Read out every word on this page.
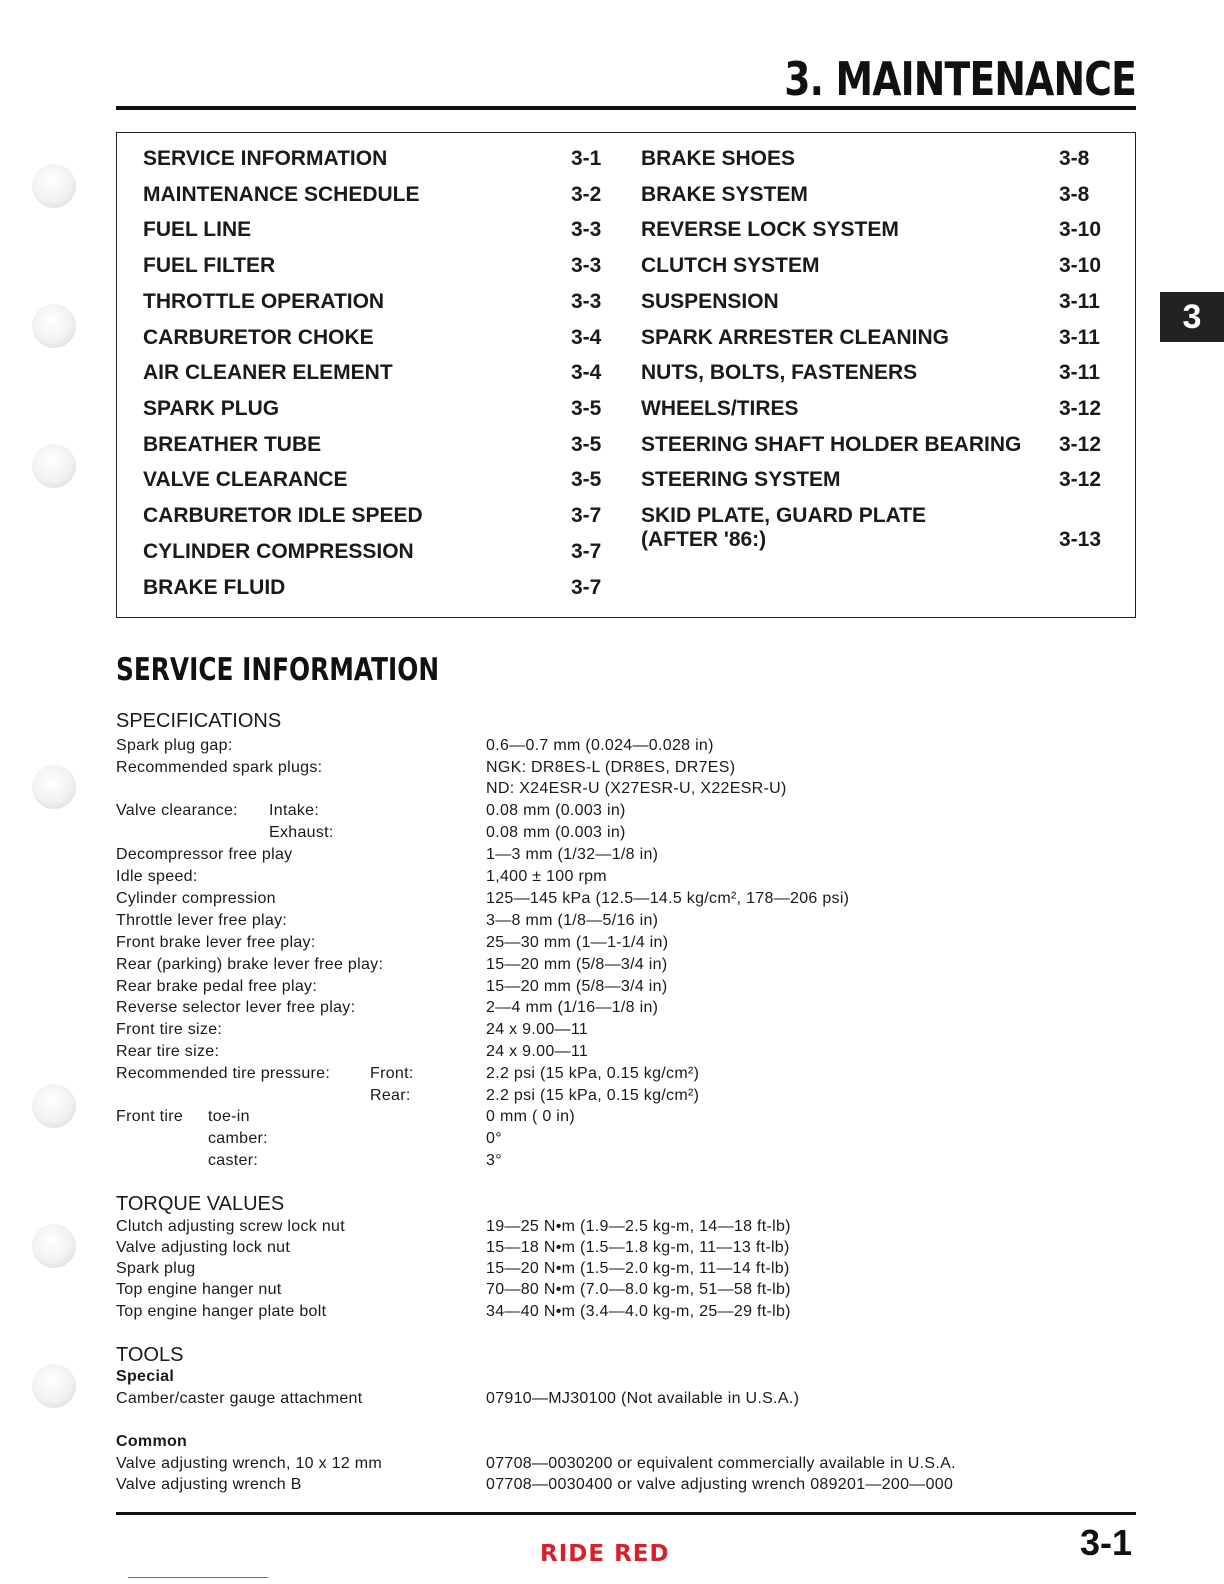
3. MAINTENANCE
3
SERVICE INFORMATION	3-1
MAINTENANCE SCHEDULE	3-2
FUEL LINE	3-3
FUEL FILTER	3-3
THROTTLE OPERATION	3-3
CARBURETOR CHOKE	3-4
AIR CLEANER ELEMENT	3-4
SPARK PLUG	3-5
BREATHER TUBE	3-5
VALVE CLEARANCE	3-5
CARBURETOR IDLE SPEED	3-7
CYLINDER COMPRESSION	3-7
BRAKE FLUID	3-7
BRAKE SHOES	3-8
BRAKE SYSTEM	3-8
REVERSE LOCK SYSTEM	3-10
CLUTCH SYSTEM	3-10
SUSPENSION	3-11
SPARK ARRESTER CLEANING	3-11
NUTS, BOLTS, FASTENERS	3-11
WHEELS/TIRES	3-12
STEERING SHAFT HOLDER BEARING 3-12
STEERING SYSTEM	3-12
SKID PLATE, GUARD PLATE
(AFTER '86:)	3-13
SERVICE INFORMATION
SPECIFICATIONS
Spark plug gap:	0.6—0.7 mm (0.024—0.028 in)
Recommended spark plugs:	NGK: DR8ES-L (DR8ES, DR7ES)
ND: X24ESR-U (X27ESR-U, X22ESR-U)
Valve clearance: Intake:	0.08 mm (0.003 in)
Exhaust:	0.08 mm (0.003 in)
Decompressor free play	1—3 mm (1/32—1/8 in)
Idle speed:	1,400 ± 100 rpm
Cylinder compression	125—145 kPa (12.5—14.5 kg/cm², 178—206 psi)
Throttle lever free play:	3—8 mm (1/8—5/16 in)
Front brake lever free play:	25—30 mm (1—1-1/4 in)
Rear (parking) brake lever free play:	15—20 mm (5/8—3/4 in)
Rear brake pedal free play:	15—20 mm (5/8—3/4 in)
Reverse selector lever free play:	2—4 mm (1/16—1/8 in)
Front tire size:	24 x 9.00—11
Rear tire size:	24 x 9.00—11
Recommended tire pressure: Front:	2.2 psi (15 kPa, 0.15 kg/cm²)
Rear:	2.2 psi (15 kPa, 0.15 kg/cm²)
Front tire toe-in	0 mm ( 0 in)
camber:	0°
caster:	3°
TORQUE VALUES
Clutch adjusting screw lock nut	19—25 N•m (1.9—2.5 kg-m, 14—18 ft-lb)
Valve adjusting lock nut	15—18 N•m (1.5—1.8 kg-m, 11—13 ft-lb)
Spark plug	15—20 N•m (1.5—2.0 kg-m, 11—14 ft-lb)
Top engine hanger nut	70—80 N•m (7.0—8.0 kg-m, 51—58 ft-lb)
Top engine hanger plate bolt	34—40 N•m (3.4—4.0 kg-m, 25—29 ft-lb)
TOOLS
Special
Camber/caster gauge attachment	07910—MJ30100 (Not available in U.S.A.)
Common
Valve adjusting wrench, 10 x 12 mm	07708—0030200 or equivalent commercially available in U.S.A.
Valve adjusting wrench B	07708—0030400 or valve adjusting wrench 089201—200—000
3-1
RIDE RED
